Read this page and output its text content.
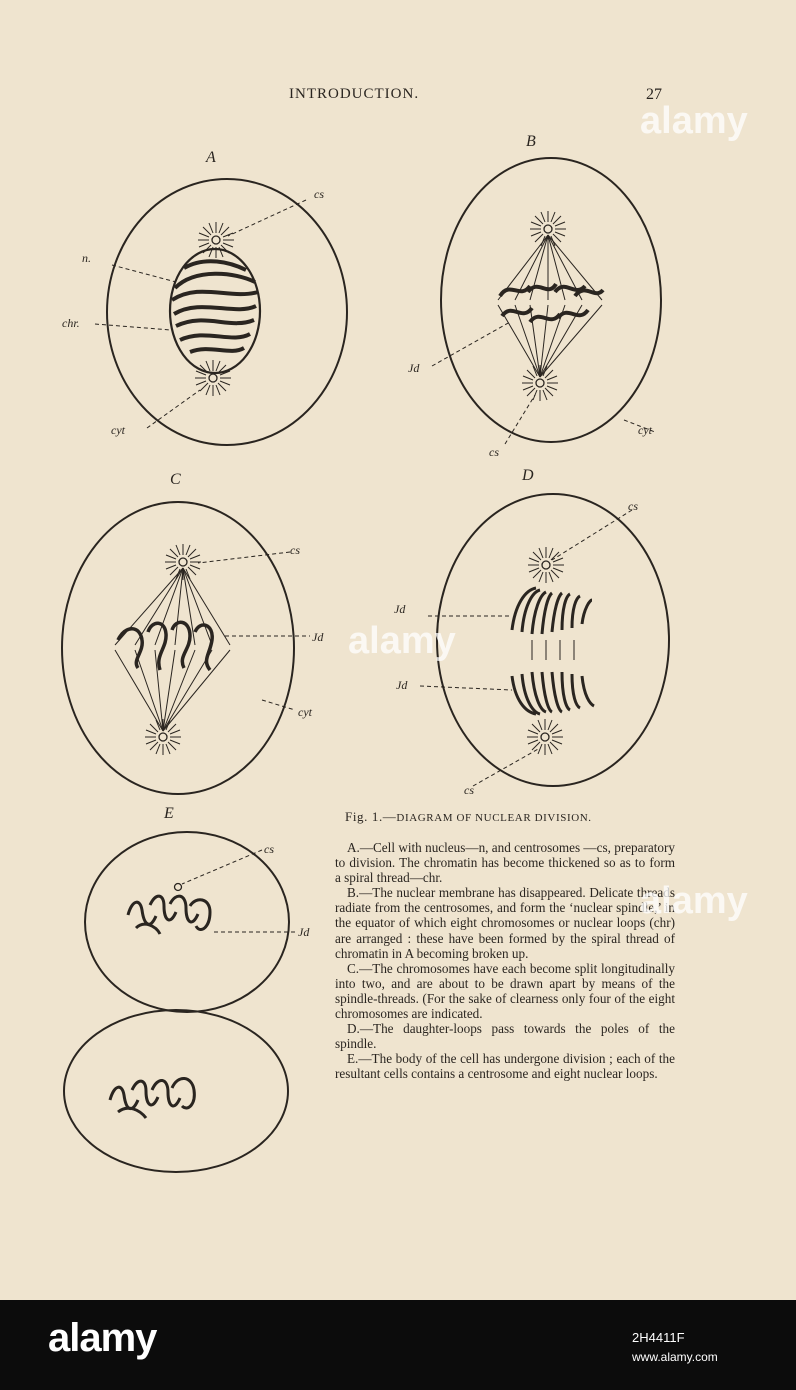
INTRODUCTION.	27
A
B
C	D
E
n.
chr.
cs
cyt
Jd
cs
cyt
cs
Jd
cyt
cs
Jd
Jd
cs
cs
Jd
Fig. 1.—DIAGRAM OF NUCLEAR DIVISION.

A.—Cell with nucleus—n, and centrosomes —cs, preparatory to division. The chromatin has become thickened so as to form a spiral thread—chr.

B.—The nuclear membrane has disappeared. Delicate threads radiate from the centrosomes, and form the ‘nuclear spindle,’ in the equator of which eight chromosomes or nuclear loops (chr) are arranged : these have been formed by the spiral thread of chromatin in A becoming broken up.

C.—The chromosomes have each become split longitudinally into two, and are about to be drawn apart by means of the spindle-threads. (For the sake of clearness only four of the eight chromosomes are indicated.

D.—The daughter-loops pass towards the poles of the spindle.

E.—The body of the cell has undergone division ; each of the resultant cells contains a centrosome and eight nuclear loops.

alamy
alamy
alamy
alamy	2H4411F
www.alamy.com
